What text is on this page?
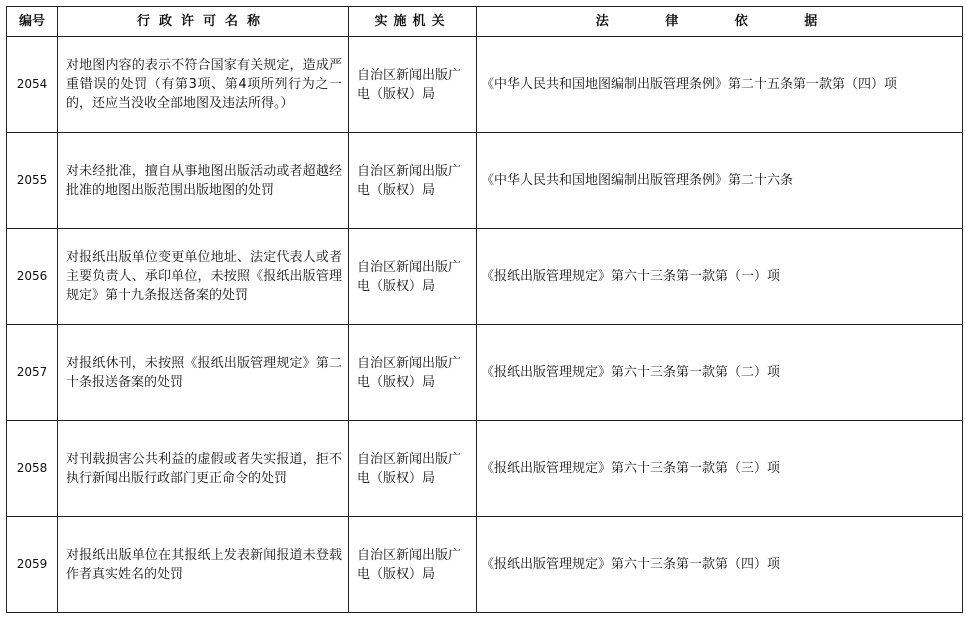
编号	行政许可名称	实施机关	法 律 依 据
2054	对地图内容的表示不符合国家有关规定，造成严重错误的处罚（有第3项、第4项所列行为之一的，还应当没收全部地图及违法所得。）	自治区新闻出版广电（版权）局	《中华人民共和国地图编制出版管理条例》第二十五条第一款第（四）项
2055	对未经批准，擅自从事地图出版活动或者超越经批准的地图出版范围出版地图的处罚	自治区新闻出版广电（版权）局	《中华人民共和国地图编制出版管理条例》第二十六条
2056	对报纸出版单位变更单位地址、法定代表人或者主要负责人、承印单位，未按照《报纸出版管理规定》第十九条报送备案的处罚	自治区新闻出版广电（版权）局	《报纸出版管理规定》第六十三条第一款第（一）项
2057	对报纸休刊，未按照《报纸出版管理规定》第二十条报送备案的处罚	自治区新闻出版广电（版权）局	《报纸出版管理规定》第六十三条第一款第（二）项
2058	对刊载损害公共利益的虚假或者失实报道，拒不执行新闻出版行政部门更正命令的处罚	自治区新闻出版广电（版权）局	《报纸出版管理规定》第六十三条第一款第（三）项
2059	对报纸出版单位在其报纸上发表新闻报道未登载作者真实姓名的处罚	自治区新闻出版广电（版权）局	《报纸出版管理规定》第六十三条第一款第（四）项
